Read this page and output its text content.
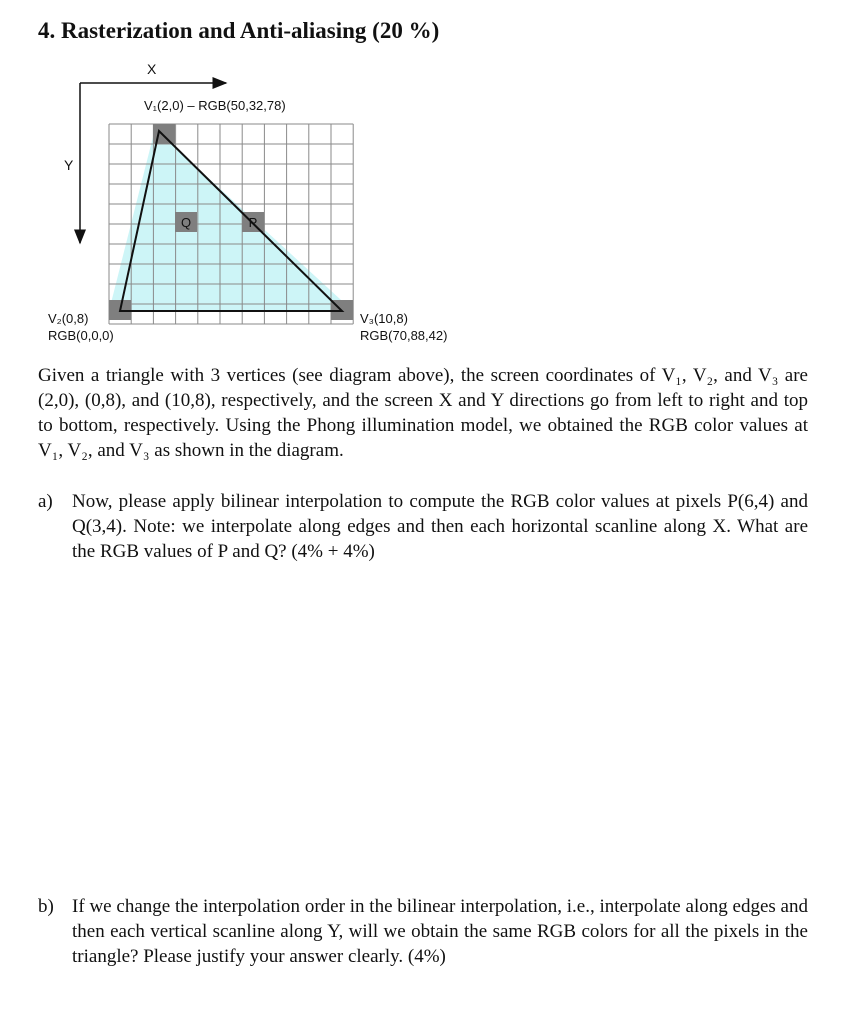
4. Rasterization and Anti-aliasing (20 %)
Q	P
X
Y
V₁(2,0) – RGB(50,32,78)
V₂(0,8)
RGB(0,0,0)
V₃(10,8)
RGB(70,88,42)
Given a triangle with 3 vertices (see diagram above), the screen coordinates of V₁, V₂, and V₃ are (2,0), (0,8), and (10,8), respectively, and the screen X and Y directions go from left to right and top to bottom, respectively. Using the Phong illumination model, we obtained the RGB color values at V₁, V₂, and V₃ as shown in the diagram.
a) Now, please apply bilinear interpolation to compute the RGB color values at pixels P(6,4) and Q(3,4). Note: we interpolate along edges and then each horizontal scanline along X. What are the RGB values of P and Q? (4% + 4%)
b) If we change the interpolation order in the bilinear interpolation, i.e., interpolate along edges and then each vertical scanline along Y, will we obtain the same RGB colors for all the pixels in the triangle? Please justify your answer clearly. (4%)
